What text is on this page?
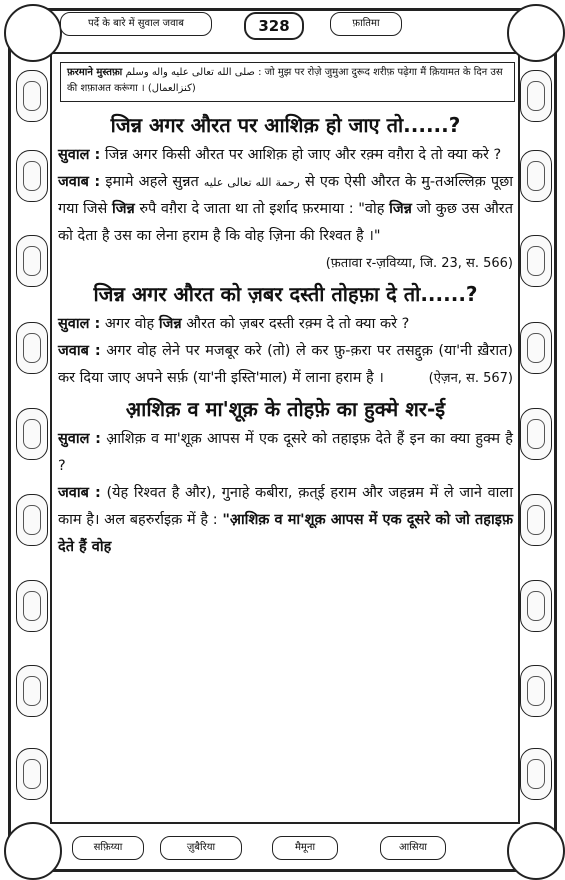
पर्दे के बारे में सुवाल जवाब	328	फ़ातिमा
फ़रमाने मुस्तफ़ा صلى الله تعالى عليه واله وسلم : जो मुझ पर रोज़े जुमुआ दुरूद शरीफ़ पढ़ेगा मैं क़ियामत के दिन उस की शफ़ाअत करूंगा । (کنزالعمال)
जिन्न अगर औरत पर आशिक़ हो जाए तो......?

सुवाल : जिन्न अगर किसी औरत पर आशिक़ हो जाए और रक़्म वग़ैरा दे तो क्या करे ?

जवाब : इमामे अहले सुन्नत رحمة الله تعالى عليه से एक ऐसी औरत के मु-तअल्लिक़ पूछा गया जिसे जिन्न रुपै वग़ैरा दे जाता था तो इर्शाद फ़रमाया : "वोह जिन्न जो कुछ उस औरत को देता है उस का लेना हराम है कि वोह ज़िना की रिश्वत है ।"

(फ़तावा र-ज़विय्या, जि. 23, स. 566)

जिन्न अगर औरत को ज़बर दस्ती तोहफ़ा दे तो......?

सुवाल : अगर वोह जिन्न औरत को ज़बर दस्ती रक़्म दे तो क्या करे ?

जवाब : अगर वोह लेने पर मजबूर करे (तो) ले कर फ़ु-क़रा पर तसद्दुक़ (या'नी ख़ैरात) कर दिया जाए अपने सर्फ़ (या'नी इस्ति'माल) में लाना हराम है ।	(ऐज़न, स. 567)

आ़शिक़ व मा'शूक़ के तोहफ़े का हुक्मे शर-ई

सुवाल : आ़शिक़ व मा'शूक़ आपस में एक दूसरे को तहाइफ़ देते हैं इन का क्या हुक्म है ?

जवाब : (येह रिश्वत है और), गुनाहे कबीरा, क़त्ई हराम और जहन्नम में ले जाने वाला काम है। अल बहरुर्राइक़ में है : "आ़शिक़ व मा'शूक़ आपस में एक दूसरे को जो तहाइफ़ देते हैं वोह

सफ़िय्या	ज़ुबैरिया	मैमूना	आसिया
